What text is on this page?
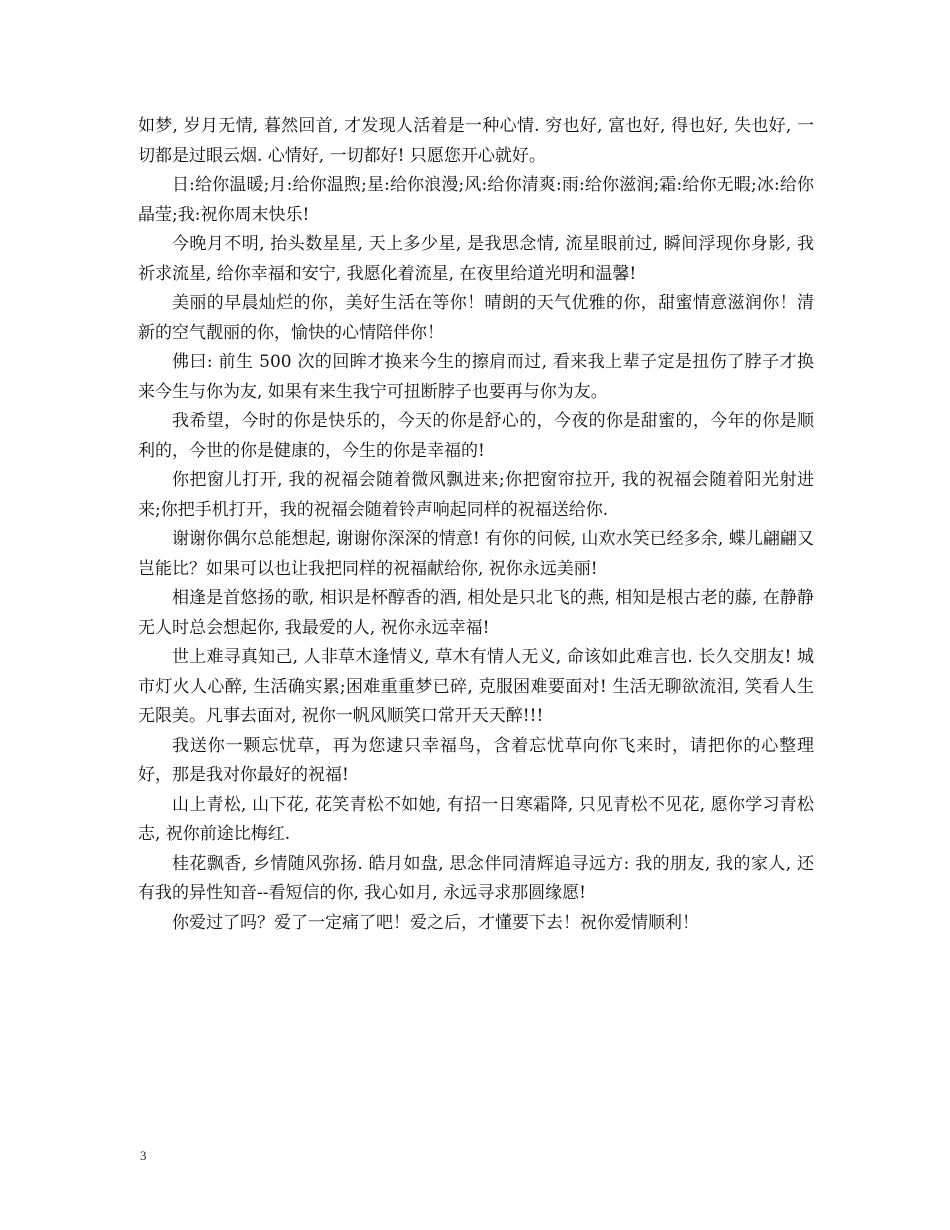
如梦, 岁月无情, 暮然回首, 才发现人活着是一种心情. 穷也好, 富也好, 得也好, 失也好, 一切都是过眼云烟. 心情好, 一切都好! 只愿您开心就好。

日:给你温暖;月:给你温煦;星:给你浪漫;风:给你清爽:雨:给你滋润;霜:给你无暇;冰:给你晶莹;我:祝你周末快乐!

今晚月不明, 抬头数星星, 天上多少星, 是我思念情, 流星眼前过, 瞬间浮现你身影, 我祈求流星, 给你幸福和安宁, 我愿化着流星, 在夜里给道光明和温馨!

美丽的早晨灿烂的你，美好生活在等你！晴朗的天气优雅的你，甜蜜情意滋润你！清新的空气靓丽的你，愉快的心情陪伴你！

佛曰: 前生 500 次的回眸才换来今生的擦肩而过, 看来我上辈子定是扭伤了脖子才换来今生与你为友, 如果有来生我宁可扭断脖子也要再与你为友。

我希望，今时的你是快乐的，今天的你是舒心的，今夜的你是甜蜜的，今年的你是顺利的，今世的你是健康的，今生的你是幸福的!

你把窗儿打开, 我的祝福会随着微风飘进来;你把窗帘拉开, 我的祝福会随着阳光射进来;你把手机打开，我的祝福会随着铃声响起同样的祝福送给你.

谢谢你偶尔总能想起, 谢谢你深深的情意! 有你的问候, 山欢水笑已经多余, 蝶儿翩翩又岂能比？如果可以也让我把同样的祝福献给你, 祝你永远美丽!

相逢是首悠扬的歌, 相识是杯醇香的酒, 相处是只北飞的燕, 相知是根古老的藤, 在静静无人时总会想起你, 我最爱的人, 祝你永远幸福!

世上难寻真知己, 人非草木逢情义, 草木有情人无义, 命该如此难言也. 长久交朋友! 城市灯火人心醉, 生活确实累;困难重重梦已碎, 克服困难要面对! 生活无聊欲流泪, 笑看人生无限美。凡事去面对, 祝你一帆风顺笑口常开天天醉!!!

我送你一颗忘忧草，再为您逮只幸福鸟，含着忘忧草向你飞来时，请把你的心整理好，那是我对你最好的祝福!

山上青松, 山下花, 花笑青松不如她, 有招一日寒霜降, 只见青松不见花, 愿你学习青松志, 祝你前途比梅红.

桂花飘香, 乡情随风弥扬. 皓月如盘, 思念伴同清辉追寻远方: 我的朋友, 我的家人, 还有我的异性知音--看短信的你, 我心如月, 永远寻求那圆缘愿!

你爱过了吗？爱了一定痛了吧！爱之后，才懂要下去！祝你爱情顺利！

3
